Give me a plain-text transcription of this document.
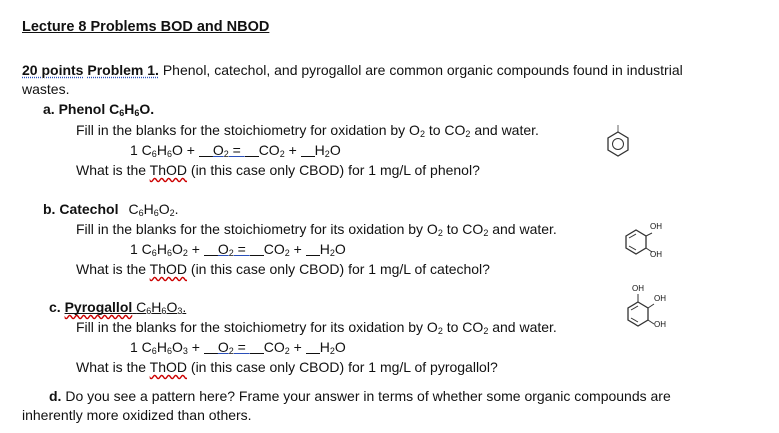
Lecture 8 Problems BOD and NBOD
20 points Problem 1. Phenol, catechol, and pyrogallol are common organic compounds found in industrial
wastes.
a. Phenol $C_6H_6O$.
Fill in the blanks for the stoichiometry for oxidation by $O_2$ to $CO_2$ and water.
1 $C_6H_6O + O_2 = CO_2 + H_2O$
What is the ThOD (in this case only CBOD) for 1 mg/L of phenol?
b. Catechol $C_6H_6O_2$.
Fill in the blanks for the stoichiometry for its oxidation by $O_2$ to $CO_2$ and water.
1 $C_6H_6O_2 + O_2 = CO_2 + H_2O$
What is the ThOD (in this case only CBOD) for 1 mg/L of catechol?
OH
OH
c. Pyrogallol $C_6H_6O_3$.
Fill in the blanks for the stoichiometry for its oxidation by $O_2$ to $CO_2$ and water.
1 $C_6H_6O_3 + O_2 = CO_2 + H_2O$
What is the ThOD (in this case only CBOD) for 1 mg/L of pyrogallol?
OH
OH
OH
d. Do you see a pattern here? Frame your answer in terms of whether some organic compounds are
inherently more oxidized than others.
